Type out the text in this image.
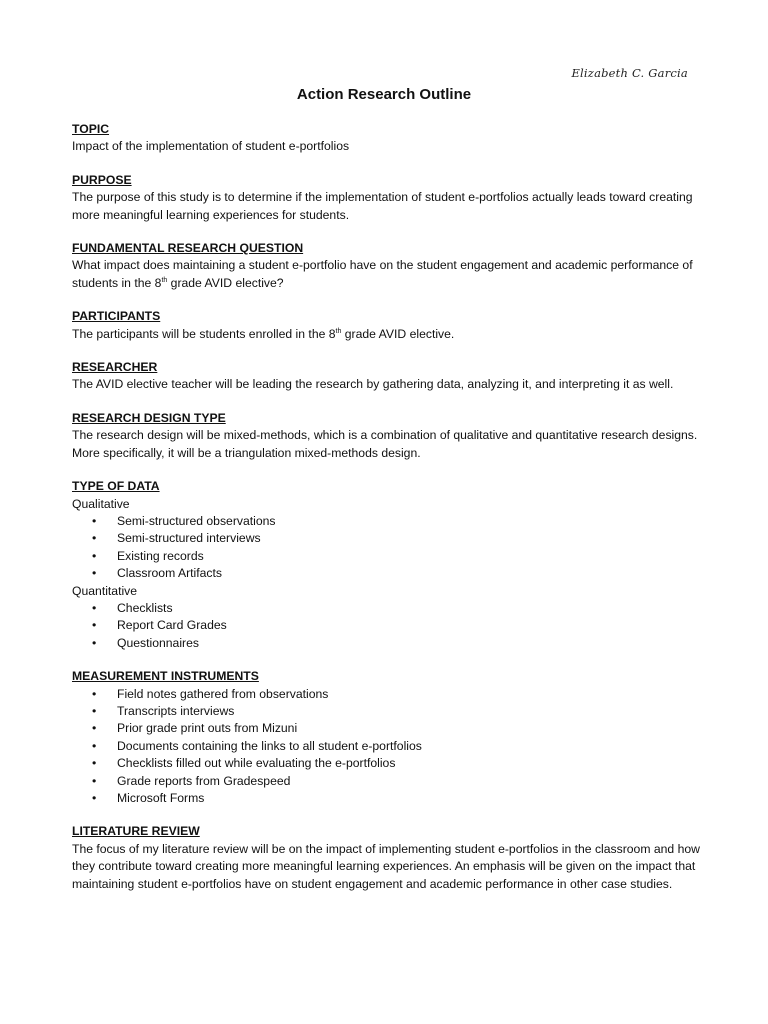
Elizabeth C. Garcia
Action Research Outline

TOPIC

Impact of the implementation of student e-portfolios

PURPOSE

The purpose of this study is to determine if the implementation of student e-portfolios actually leads toward creating more meaningful learning experiences for students.

FUNDAMENTAL RESEARCH QUESTION

What impact does maintaining a student e-portfolio have on the student engagement and academic performance of students in the 8th grade AVID elective?

PARTICIPANTS

The participants will be students enrolled in the 8th grade AVID elective.

RESEARCHER

The AVID elective teacher will be leading the research by gathering data, analyzing it, and interpreting it as well.

RESEARCH DESIGN TYPE

The research design will be mixed-methods, which is a combination of qualitative and quantitative research designs. More specifically, it will be a triangulation mixed-methods design.

TYPE OF DATA

Qualitative

• Semi-structured observations
• Semi-structured interviews
• Existing records
• Classroom Artifacts

Quantitative

• Checklists
• Report Card Grades
• Questionnaires

MEASUREMENT INSTRUMENTS

• Field notes gathered from observations
• Transcripts interviews
• Prior grade print outs from Mizuni
• Documents containing the links to all student e-portfolios
• Checklists filled out while evaluating the e-portfolios
• Grade reports from Gradespeed
• Microsoft Forms

LITERATURE REVIEW

The focus of my literature review will be on the impact of implementing student e-portfolios in the classroom and how they contribute toward creating more meaningful learning experiences. An emphasis will be given on the impact that maintaining student e-portfolios have on student engagement and academic performance in other case studies.
